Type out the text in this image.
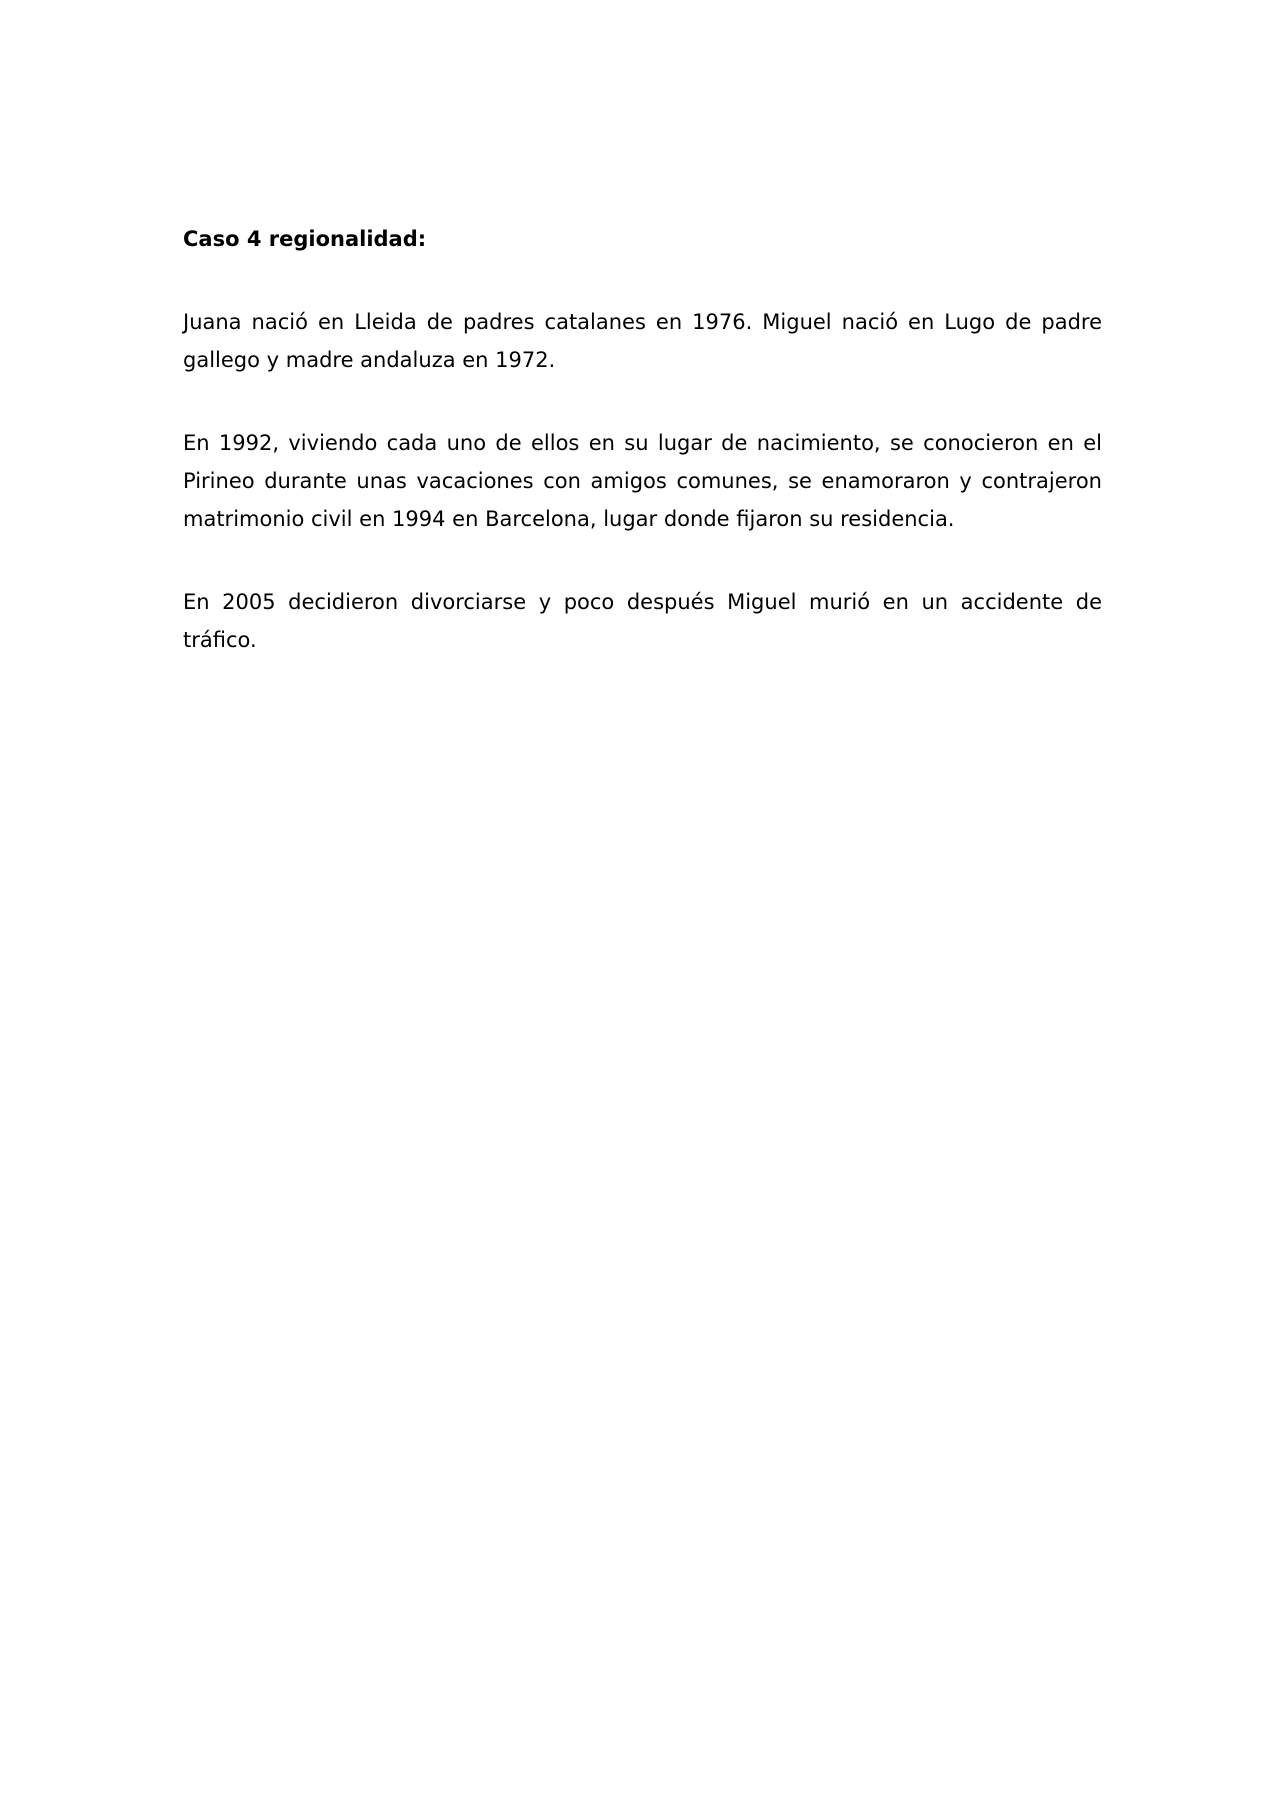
Caso 4 regionalidad:

Juana nació en Lleida de padres catalanes en 1976. Miguel nació en Lugo de padre gallego y madre andaluza en 1972.

En 1992, viviendo cada uno de ellos en su lugar de nacimiento, se conocieron en el Pirineo durante unas vacaciones con amigos comunes, se enamoraron y contrajeron matrimonio civil en 1994 en Barcelona, lugar donde fijaron su residencia.

En 2005 decidieron divorciarse y poco después Miguel murió en un accidente de tráfico.
